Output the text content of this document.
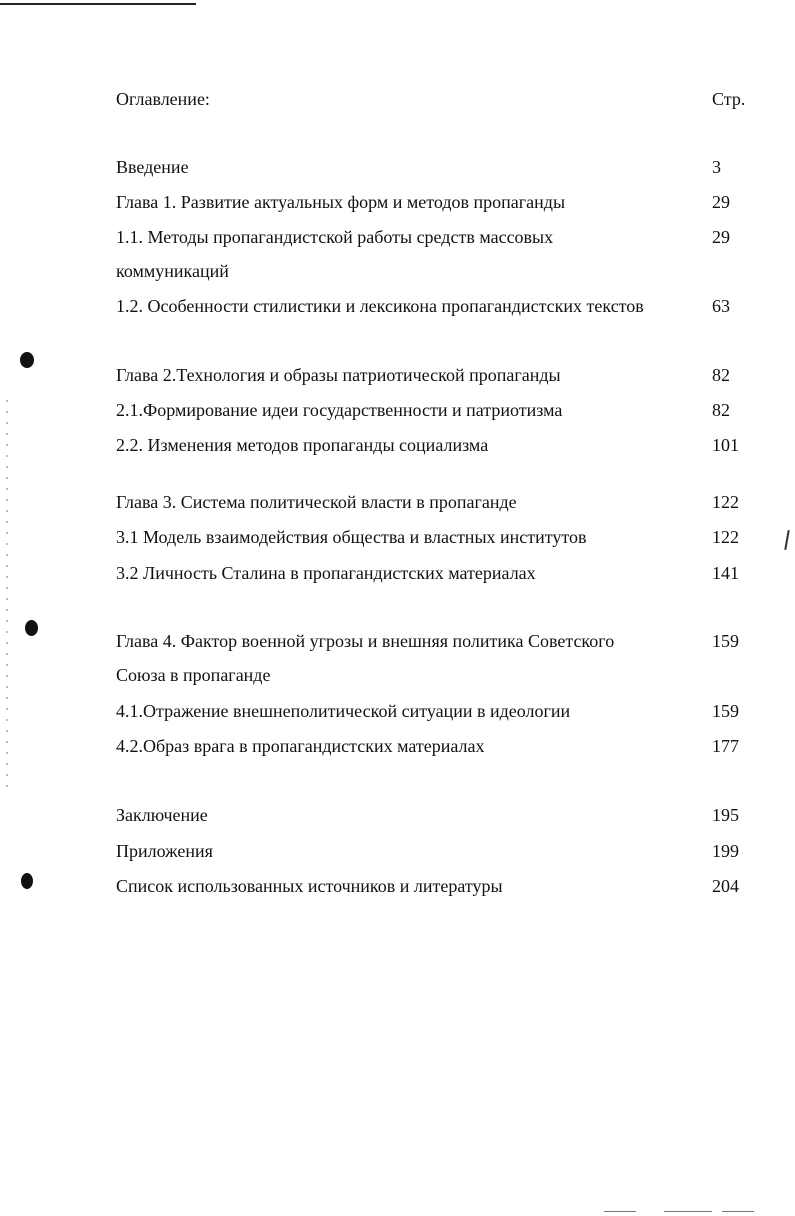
Оглавление:	Стр.
Введение	3
Глава 1. Развитие актуальных форм и методов пропаганды	29
1.1. Методы пропагандистской работы средств массовых	29
коммуникаций
1.2. Особенности стилистики и лексикона пропагандистских текстов	63
Глава 2.Технология и образы патриотической пропаганды	82
2.1.Формирование идеи государственности и патриотизма	82
2.2. Изменения методов пропаганды социализма	101
Глава 3. Система политической власти в пропаганде	122
3.1 Модель взаимодействия общества и властных институтов	122
3.2 Личность Сталина в пропагандистских материалах	141
Глава 4. Фактор военной угрозы и внешняя политика Советского	159
Союза в пропаганде
4.1.Отражение внешнеполитической ситуации в идеологии	159
4.2.Образ врага в пропагандистских материалах	177
Заключение	195
Приложения	199
Список использованных источников и литературы	204
